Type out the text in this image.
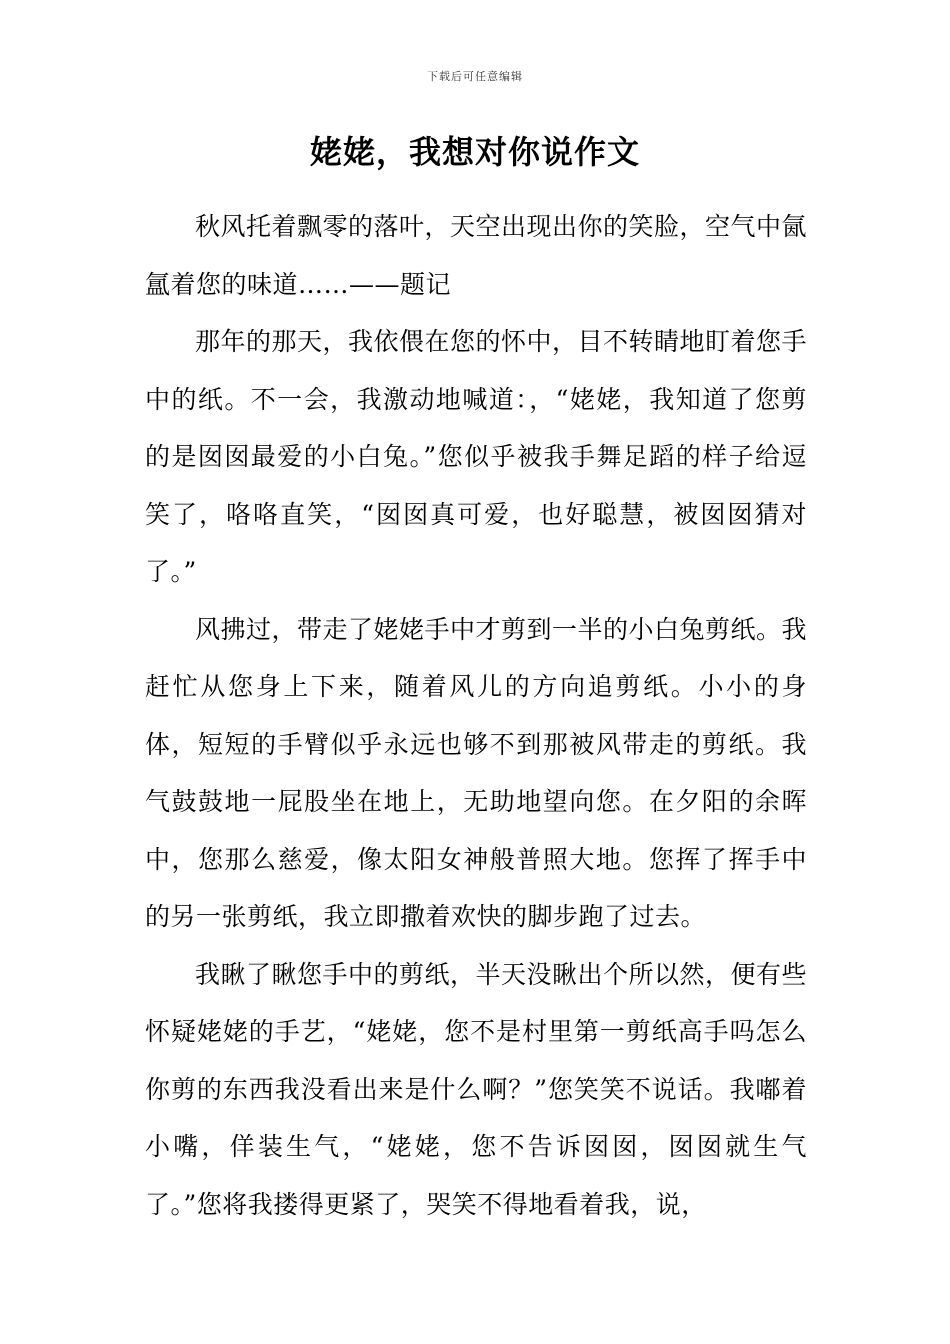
下载后可任意编辑
姥姥，我想对你说作文

秋风托着飘零的落叶，天空出现出你的笑脸，空气中氤氲着您的味道……——题记

那年的那天，我依偎在您的怀中，目不转睛地盯着您手中的纸。不一会，我激动地喊道：，“姥姥，我知道了您剪的是囡囡最爱的小白兔。”您似乎被我手舞足蹈的样子给逗笑了，咯咯直笑，“囡囡真可爱，也好聪慧，被囡囡猜对了。”

风拂过，带走了姥姥手中才剪到一半的小白兔剪纸。我赶忙从您身上下来，随着风儿的方向追剪纸。小小的身体，短短的手臂似乎永远也够不到那被风带走的剪纸。我气鼓鼓地一屁股坐在地上，无助地望向您。在夕阳的余晖中，您那么慈爱，像太阳女神般普照大地。您挥了挥手中的另一张剪纸，我立即撒着欢快的脚步跑了过去。

我瞅了瞅您手中的剪纸，半天没瞅出个所以然，便有些怀疑姥姥的手艺，“姥姥，您不是村里第一剪纸高手吗怎么你剪的东西我没看出来是什么啊？”您笑笑不说话。我嘟着小嘴，佯装生气，“姥姥，您不告诉囡囡，囡囡就生气了。”您将我搂得更紧了，哭笑不得地看着我，说，
